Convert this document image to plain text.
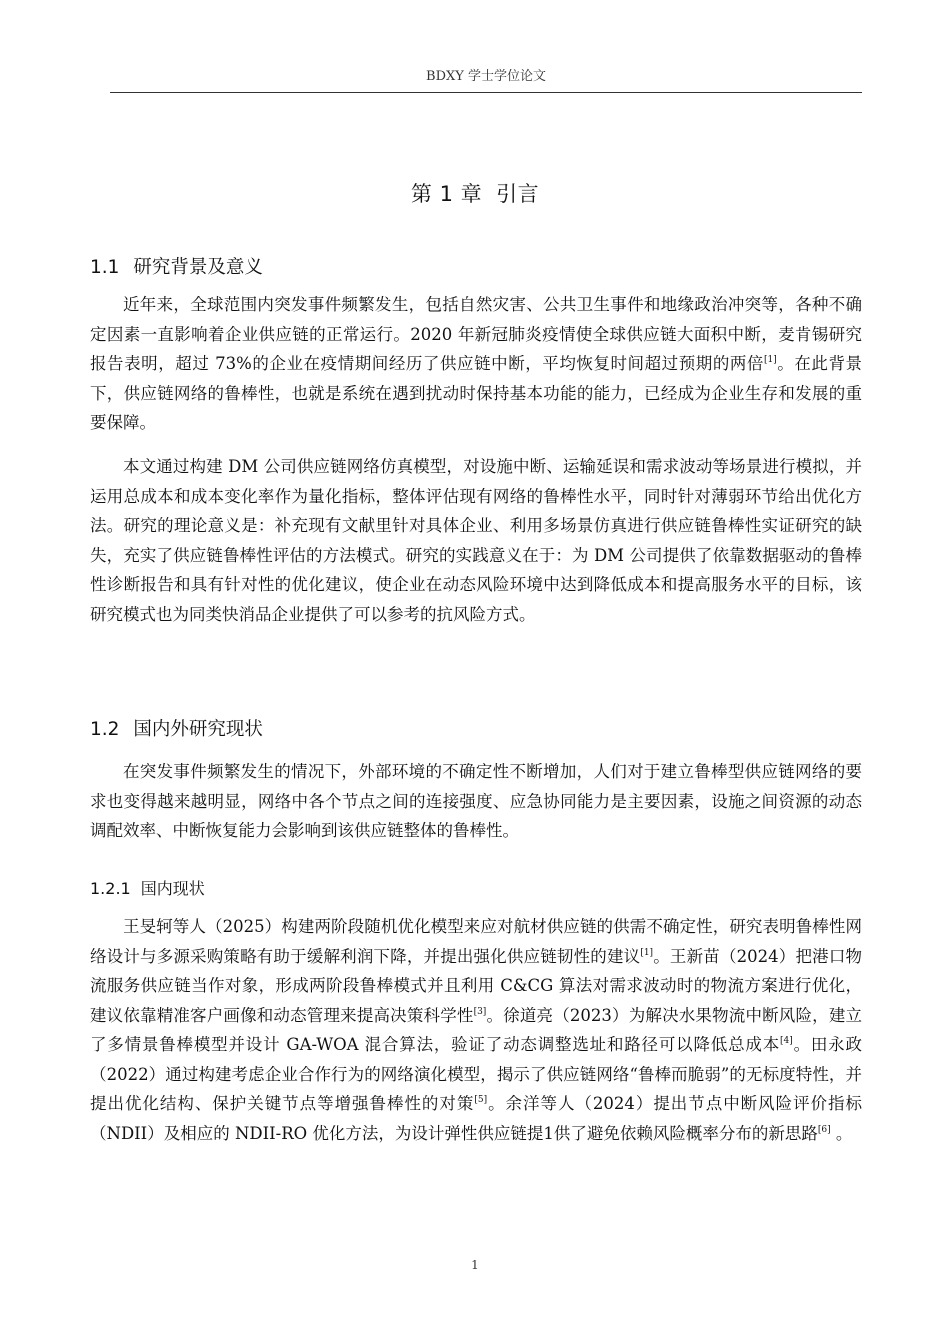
BDXY 学士学位论文
第 1 章 引言
1.1 研究背景及意义

近年来，全球范围内突发事件频繁发生，包括自然灾害、公共卫生事件和地缘政治冲突等，各种不确定因素一直影响着企业供应链的正常运行。2020 年新冠肺炎疫情使全球供应链大面积中断，麦肯锡研究报告表明，超过 73%的企业在疫情期间经历了供应链中断，平均恢复时间超过预期的两倍[1]。在此背景下，供应链网络的鲁棒性，也就是系统在遇到扰动时保持基本功能的能力，已经成为企业生存和发展的重要保障。

本文通过构建 DM 公司供应链网络仿真模型，对设施中断、运输延误和需求波动等场景进行模拟，并运用总成本和成本变化率作为量化指标，整体评估现有网络的鲁棒性水平，同时针对薄弱环节给出优化方法。研究的理论意义是：补充现有文献里针对具体企业、利用多场景仿真进行供应链鲁棒性实证研究的缺失，充实了供应链鲁棒性评估的方法模式。研究的实践意义在于：为 DM 公司提供了依靠数据驱动的鲁棒性诊断报告和具有针对性的优化建议，使企业在动态风险环境中达到降低成本和提高服务水平的目标，该研究模式也为同类快消品企业提供了可以参考的抗风险方式。

1.2 国内外研究现状

在突发事件频繁发生的情况下，外部环境的不确定性不断增加，人们对于建立鲁棒型供应链网络的要求也变得越来越明显，网络中各个节点之间的连接强度、应急协同能力是主要因素，设施之间资源的动态调配效率、中断恢复能力会影响到该供应链整体的鲁棒性。

1.2.1 国内现状

王旻轲等人（2025）构建两阶段随机优化模型来应对航材供应链的供需不确定性，研究表明鲁棒性网络设计与多源采购策略有助于缓解利润下降，并提出强化供应链韧性的建议[1]。王新苗（2024）把港口物流服务供应链当作对象，形成两阶段鲁棒模式并且利用 C&CG 算法对需求波动时的物流方案进行优化，建议依靠精准客户画像和动态管理来提高决策科学性[3]。徐道亮（2023）为解决水果物流中断风险，建立了多情景鲁棒模型并设计 GA-WOA 混合算法，验证了动态调整选址和路径可以降低总成本[4]。田永政（2022）通过构建考虑企业合作行为的网络演化模型，揭示了供应链网络“鲁棒而脆弱”的无标度特性，并提出优化结构、保护关键节点等增强鲁棒性的对策[5]。余洋等人（2024）提出节点中断风险评价指标（NDII）及相应的 NDII-RO 优化方法，为设计弹性供应链提1供了避免依赖风险概率分布的新思路[6] 。

1
